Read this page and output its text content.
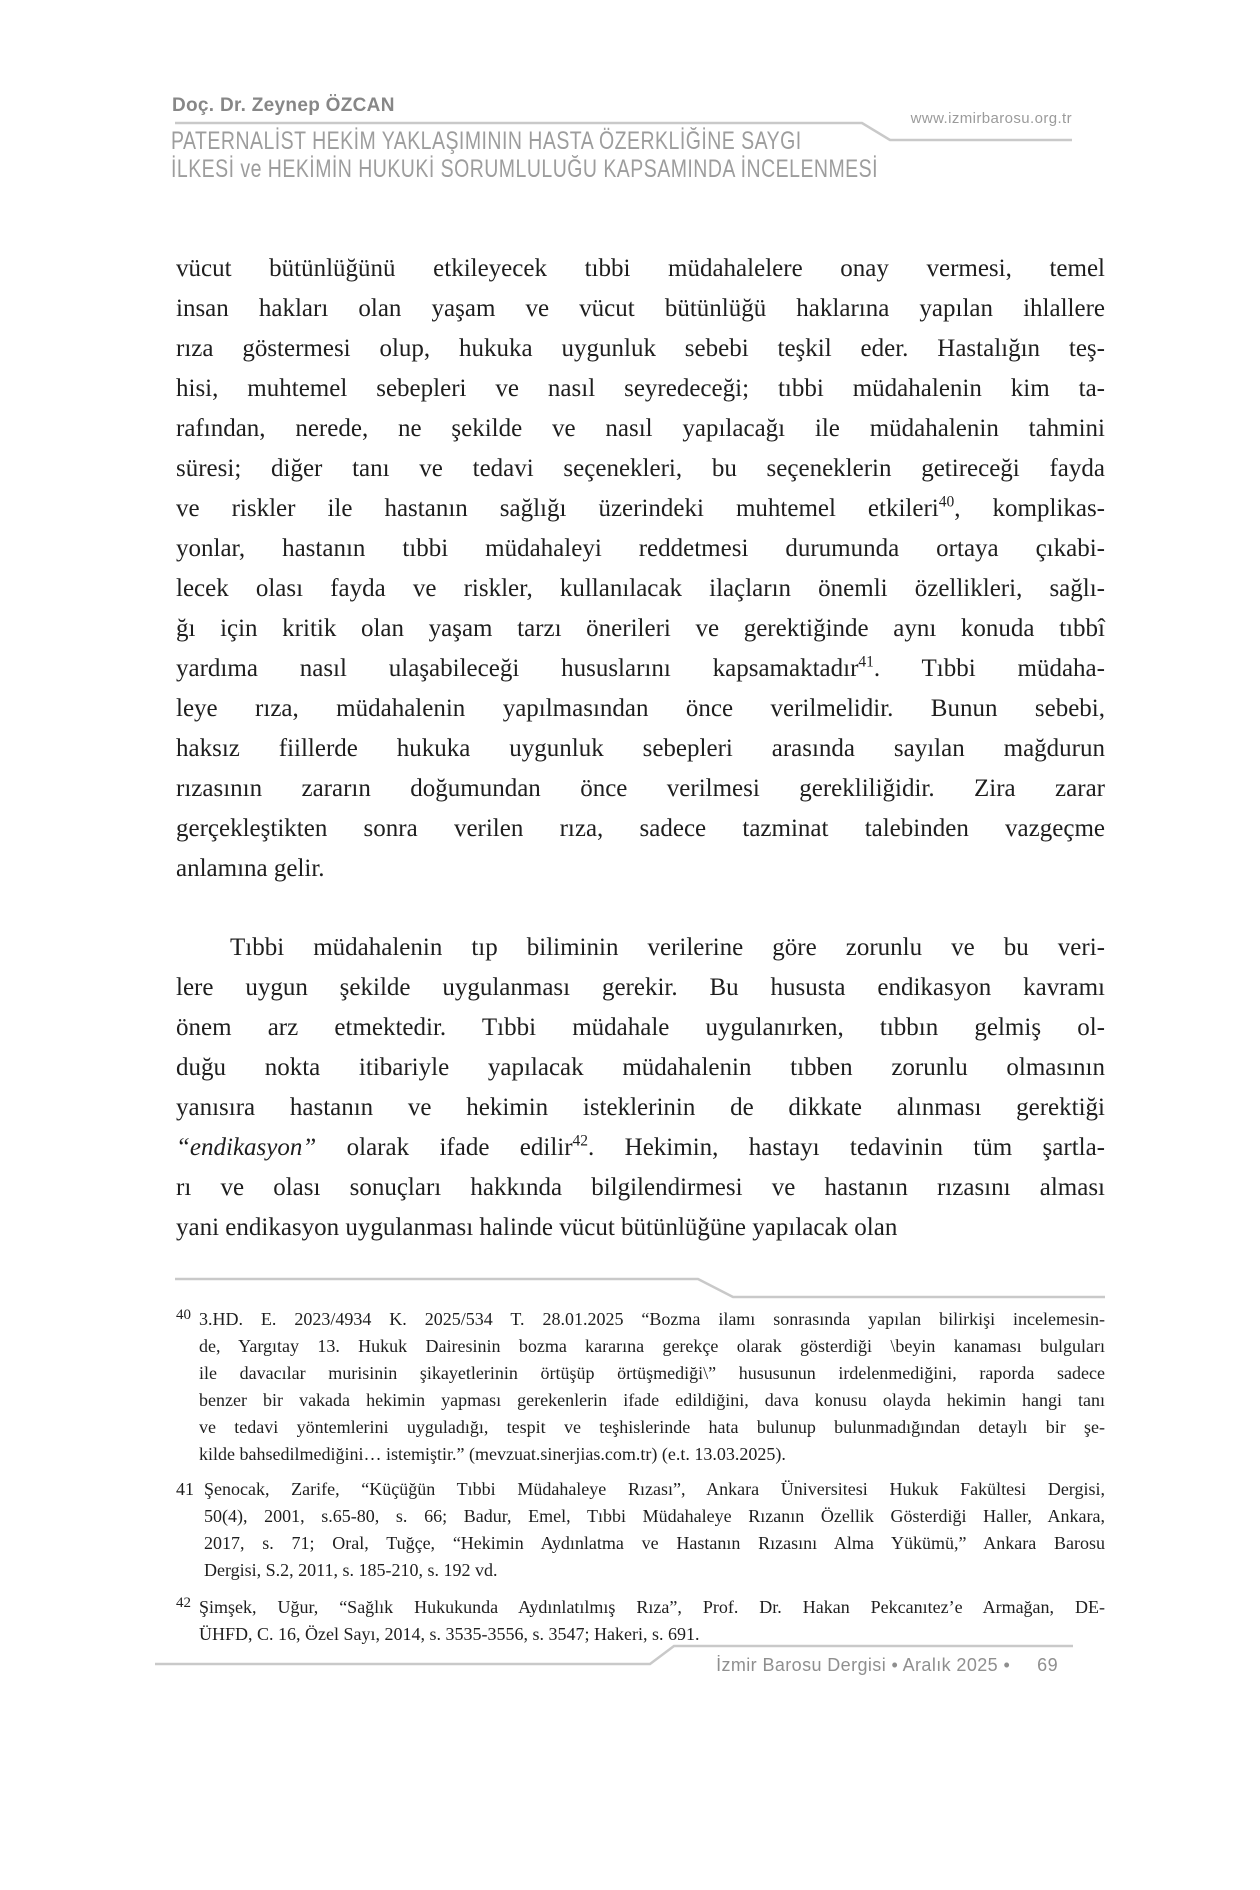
Doç. Dr. Zeynep ÖZCAN
www.izmirbarosu.org.tr
PATERNALİST HEKİM YAKLAŞIMININ HASTA ÖZERKLİĞİNE SAYGI
İLKESİ ve HEKİMİN HUKUKİ SORUMLULUĞU KAPSAMINDA İNCELENMESİ
vücut bütünlüğünü etkileyecek tıbbi müdahalelere onay vermesi, temel
insan hakları olan yaşam ve vücut bütünlüğü haklarına yapılan ihlallere
rıza göstermesi olup, hukuka uygunluk sebebi teşkil eder. Hastalığın teş-
hisi, muhtemel sebepleri ve nasıl seyredeceği; tıbbi müdahalenin kim ta-
rafından, nerede, ne şekilde ve nasıl yapılacağı ile müdahalenin tahmini
süresi; diğer tanı ve tedavi seçenekleri, bu seçeneklerin getireceği fayda
ve riskler ile hastanın sağlığı üzerindeki muhtemel etkileri$^{40}$, komplikas-
yonlar, hastanın tıbbi müdahaleyi reddetmesi durumunda ortaya çıkabi-
lecek olası fayda ve riskler, kullanılacak ilaçların önemli özellikleri, sağlı-
ğı için kritik olan yaşam tarzı önerileri ve gerektiğinde aynı konuda tıbbî
yardıma nasıl ulaşabileceği hususlarını kapsamaktadır$^{41}$. Tıbbi müdaha-
leye rıza, müdahalenin yapılmasından önce verilmelidir. Bunun sebebi,
haksız fiillerde hukuka uygunluk sebepleri arasında sayılan mağdurun
rızasının zararın doğumundan önce verilmesi gerekliliğidir. Zira zarar
gerçekleştikten sonra verilen rıza, sadece tazminat talebinden vazgeçme
anlamına gelir.
Tıbbi müdahalenin tıp biliminin verilerine göre zorunlu ve bu veri-
lere uygun şekilde uygulanması gerekir. Bu hususta endikasyon kavramı
önem arz etmektedir. Tıbbi müdahale uygulanırken, tıbbın gelmiş ol-
duğu nokta itibariyle yapılacak müdahalenin tıbben zorunlu olmasının
yanısıra hastanın ve hekimin isteklerinin de dikkate alınması gerektiği
“endikasyon” olarak ifade edilir$^{42}$. Hekimin, hastayı tedavinin tüm şartla-
rı ve olası sonuçları hakkında bilgilendirmesi ve hastanın rızasını alması
yani endikasyon uygulanması halinde vücut bütünlüğüne yapılacak olan
40 3.HD. E. 2023/4934 K. 2025/534 T. 28.01.2025 “Bozma ilamı sonrasında yapılan bilirkişi incelemesin-
de, Yargıtay 13. Hukuk Dairesinin bozma kararına gerekçe olarak gösterdiği \beyin kanaması bulguları
ile davacılar murisinin şikayetlerinin örtüşüp örtüşmediği\” hususunun irdelenmediğini, raporda sadece
benzer bir vakada hekimin yapması gerekenlerin ifade edildiğini, dava konusu olayda hekimin hangi tanı
ve tedavi yöntemlerini uyguladığı, tespit ve teşhislerinde hata bulunup bulunmadığından detaylı bir şe-
kilde bahsedilmediğini… istemiştir.” (mevzuat.sinerjias.com.tr) (e.t. 13.03.2025).
41 Şenocak, Zarife, “Küçüğün Tıbbi Müdahaleye Rızası”, Ankara Üniversitesi Hukuk Fakültesi Dergisi,
50(4), 2001, s.65-80, s. 66; Badur, Emel, Tıbbi Müdahaleye Rızanın Özellik Gösterdiği Haller, Ankara,
2017, s. 71; Oral, Tuğçe, “Hekimin Aydınlatma ve Hastanın Rızasını Alma Yükümü,” Ankara Barosu
Dergisi, S.2, 2011, s. 185-210, s. 192 vd.
42 Şimşek, Uğur, “Sağlık Hukukunda Aydınlatılmış Rıza”, Prof. Dr. Hakan Pekcanıtez’e Armağan, DE-
ÜHFD, C. 16, Özel Sayı, 2014, s. 3535-3556, s. 3547; Hakeri, s. 691.
İzmir Barosu Dergisi • Aralık 2025 • 69
